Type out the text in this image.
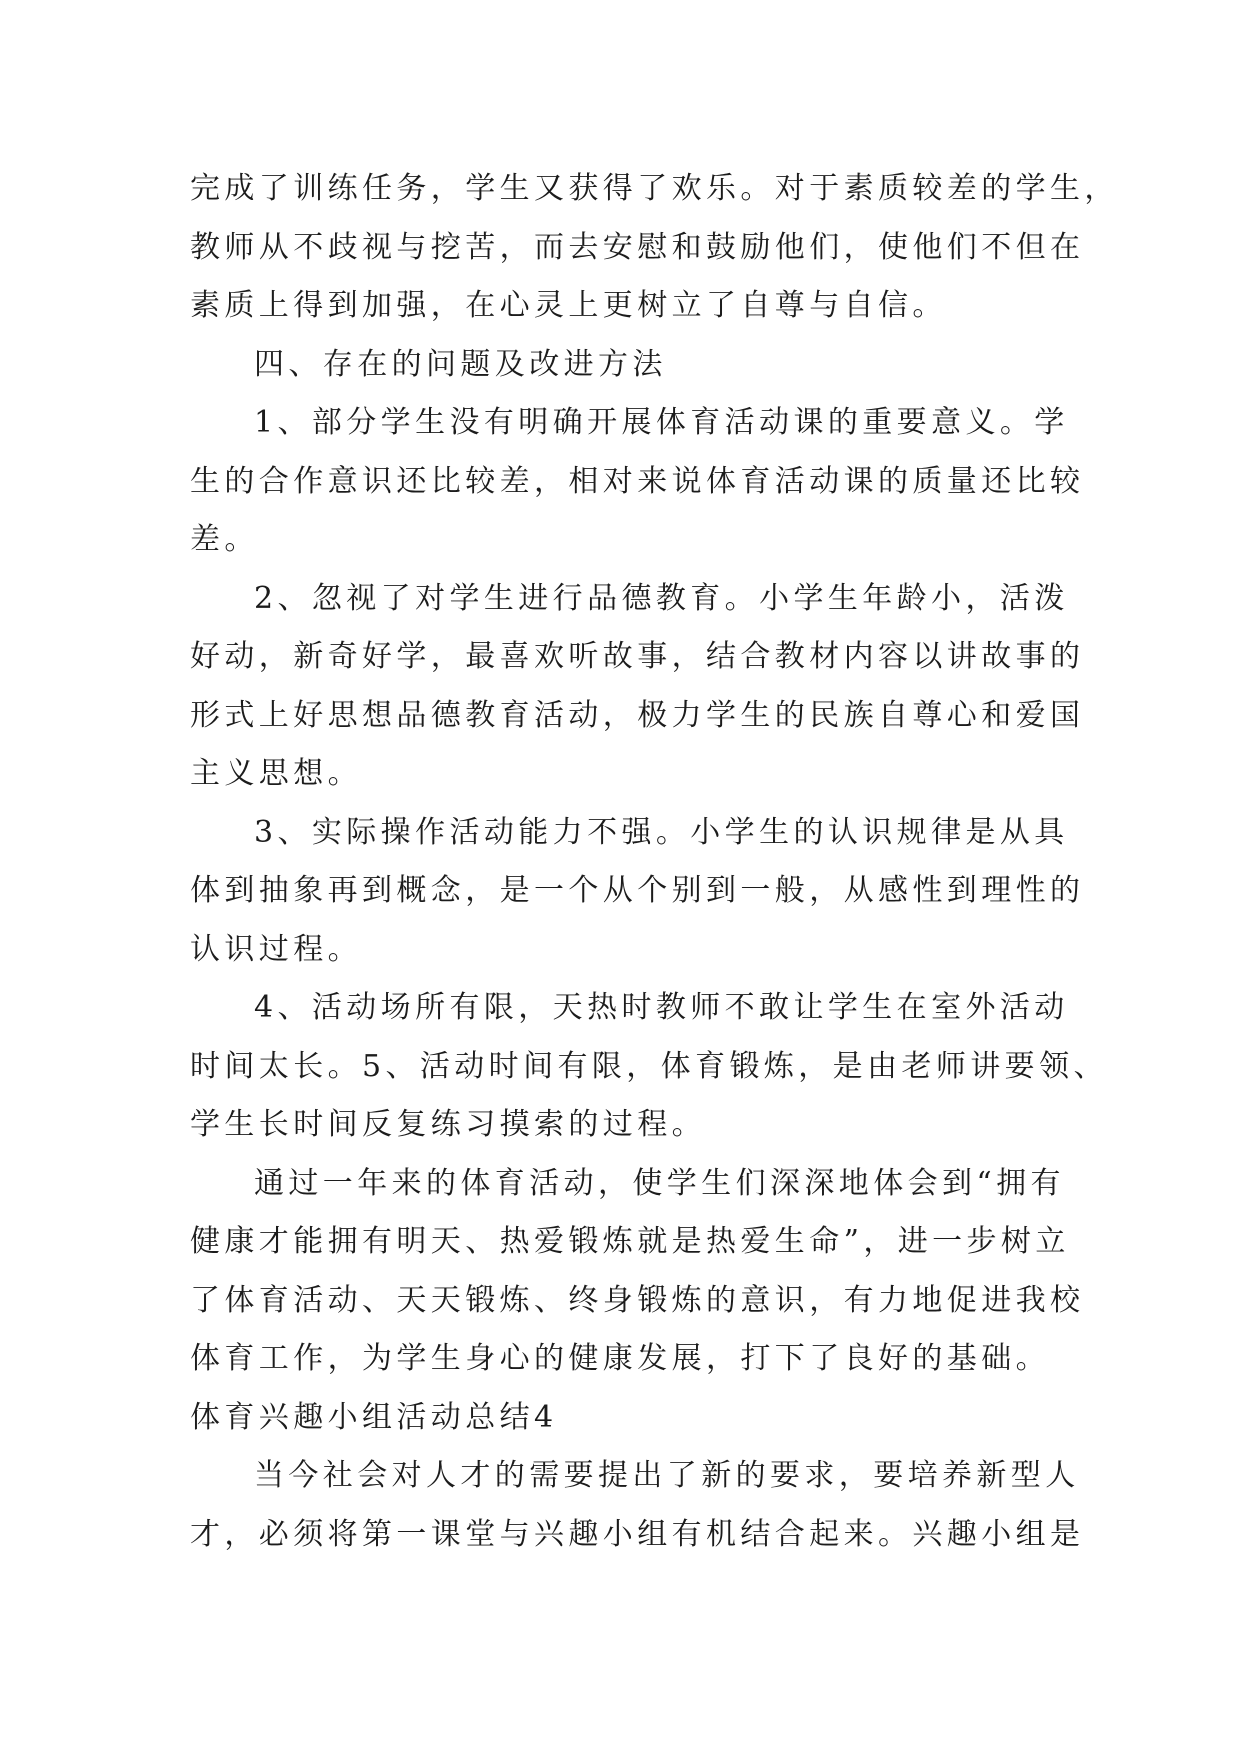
完成了训练任务，学生又获得了欢乐。对于素质较差的学生，
教师从不歧视与挖苦，而去安慰和鼓励他们，使他们不但在
素质上得到加强，在心灵上更树立了自尊与自信。
四、存在的问题及改进方法
1、部分学生没有明确开展体育活动课的重要意义。学
生的合作意识还比较差，相对来说体育活动课的质量还比较
差。
2、忽视了对学生进行品德教育。小学生年龄小，活泼
好动，新奇好学，最喜欢听故事，结合教材内容以讲故事的
形式上好思想品德教育活动，极力学生的民族自尊心和爱国
主义思想。
3、实际操作活动能力不强。小学生的认识规律是从具
体到抽象再到概念，是一个从个别到一般，从感性到理性的
认识过程。
4、活动场所有限，天热时教师不敢让学生在室外活动
时间太长。5、活动时间有限，体育锻炼，是由老师讲要领、
学生长时间反复练习摸索的过程。
通过一年来的体育活动，使学生们深深地体会到“拥有
健康才能拥有明天、热爱锻炼就是热爱生命”，进一步树立
了体育活动、天天锻炼、终身锻炼的意识，有力地促进我校
体育工作，为学生身心的健康发展，打下了良好的基础。
体育兴趣小组活动总结4
当今社会对人才的需要提出了新的要求，要培养新型人
才，必须将第一课堂与兴趣小组有机结合起来。兴趣小组是
